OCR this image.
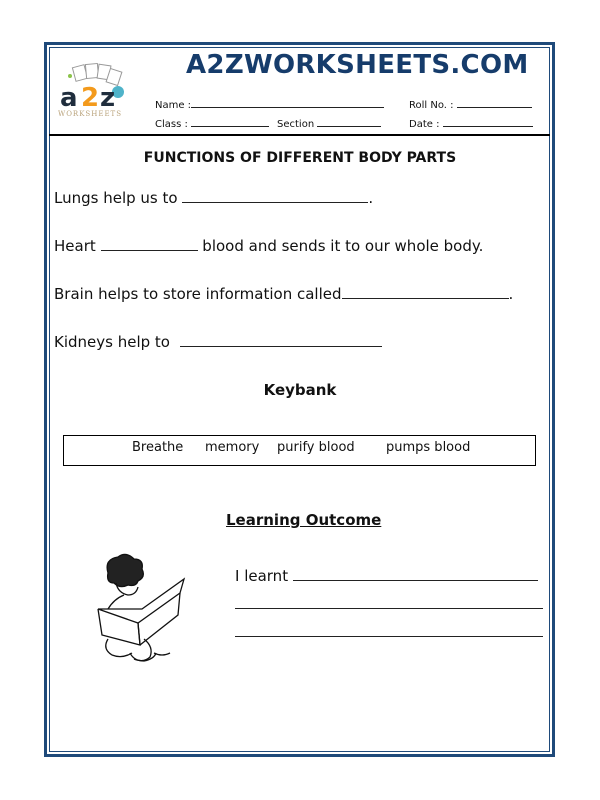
a 2 z
WORKSHEETS
A2ZWORKSHEETS.COM
Name :	Roll No. :
Class :	Section	Date :
FUNCTIONS OF DIFFERENT BODY PARTS
Lungs help us to	.
Heart	blood and sends it to our whole body.
Brain helps to store information called	.
Kidneys help to
Keybank
Breathe memory purify blood pumps blood
Learning Outcome
I learnt
